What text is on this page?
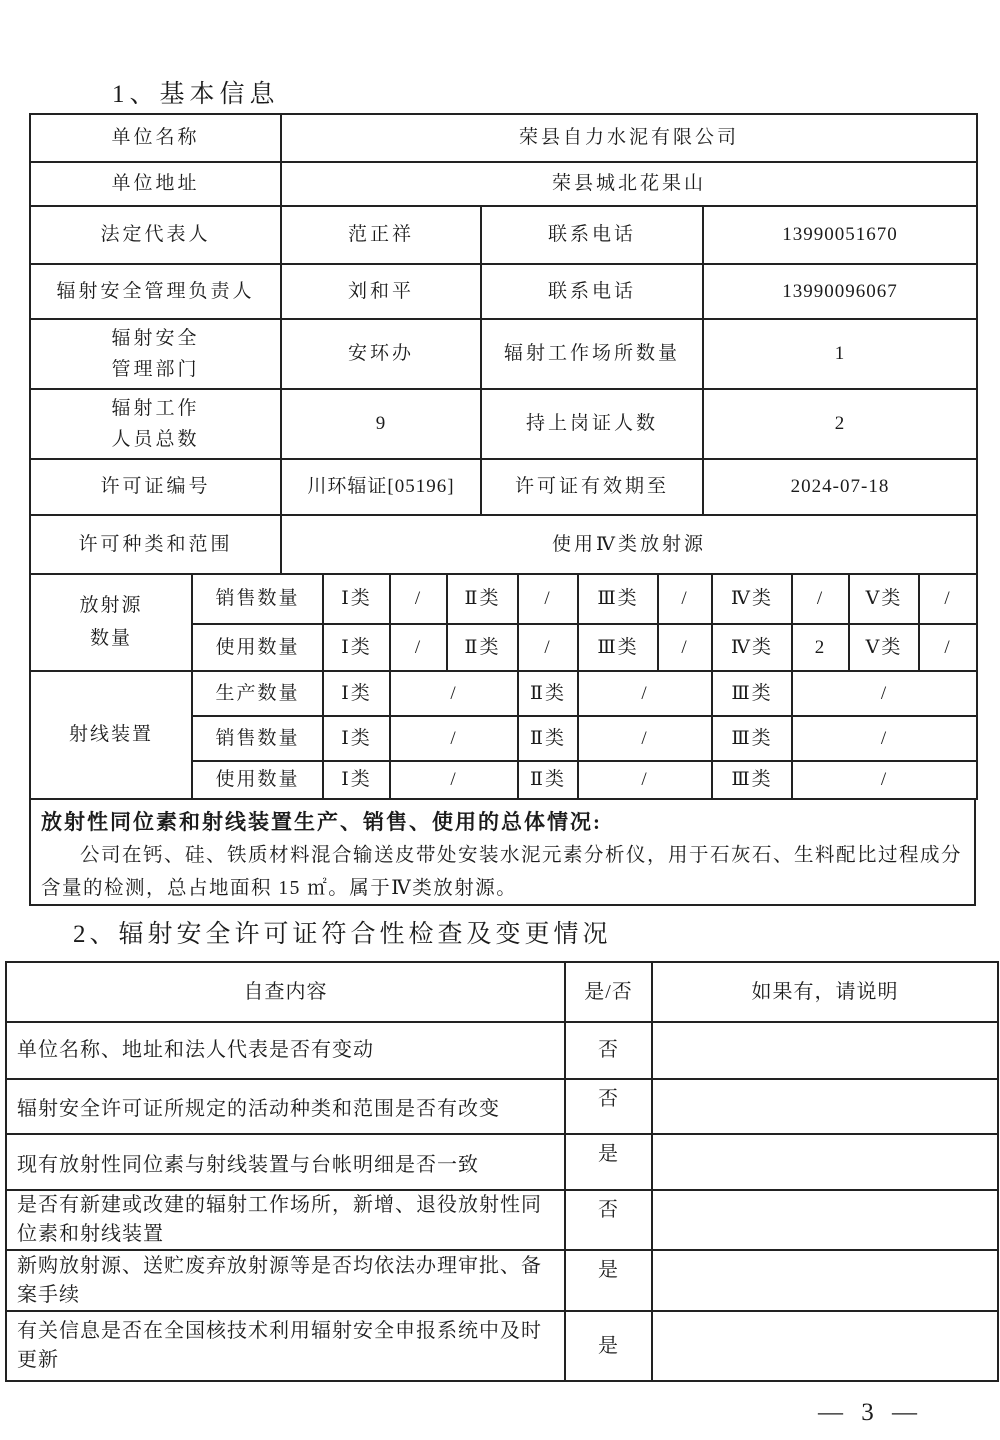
1、基本信息
单位名称	荣县自力水泥有限公司		
单位地址	荣县城北花果山		
法定代表人	范正祥	联系电话	13990051670
辐射安全管理负责人	刘和平	联系电话	13990096067
辐射安全
管理部门	安环办	辐射工作场所数量	1
辐射工作
人员总数	9	持上岗证人数	2
许可证编号	川环辐证[05196]	许可证有效期至	2024-07-18
许可种类和范围	使用Ⅳ类放射源		
放射源
数量	销售数量	Ⅰ类	/	Ⅱ类	/	Ⅲ类	/	Ⅳ类	/	Ⅴ类	/
	使用数量	Ⅰ类	/	Ⅱ类	/	Ⅲ类	/	Ⅳ类	2	Ⅴ类	/
射线装置	生产数量	Ⅰ类	/		Ⅱ类	/		Ⅲ类	/		
	销售数量	Ⅰ类	/		Ⅱ类	/		Ⅲ类	/		
	使用数量	Ⅰ类	/		Ⅱ类	/		Ⅲ类	/		
放射性同位素和射线装置生产、销售、使用的总体情况:

公司在钙、硅、铁质材料混合输送皮带处安装水泥元素分析仪，用于石灰石、生料配比过程成分含量的检测，总占地面积 15 ㎡。属于Ⅳ类放射源。

2、辐射安全许可证符合性检查及变更情况
自查内容	是/否	如果有，请说明
单位名称、地址和法人代表是否有变动	否	
辐射安全许可证所规定的活动种类和范围是否有改变	否	
现有放射性同位素与射线装置与台帐明细是否一致	是	
是否有新建或改建的辐射工作场所，新增、退役放射性同位素和射线装置	否	
新购放射源、送贮废弃放射源等是否均依法办理审批、备案手续	是	
有关信息是否在全国核技术利用辐射安全申报系统中及时更新	是	
— 3 —
